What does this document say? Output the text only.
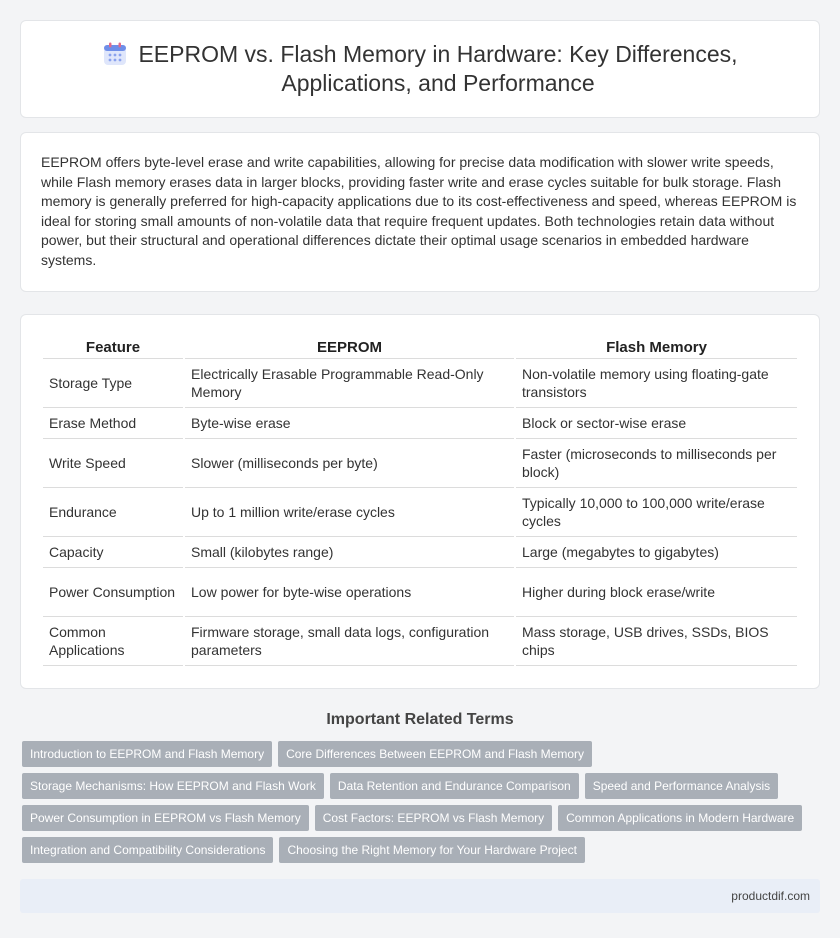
EEPROM vs. Flash Memory in Hardware: Key Differences,
Applications, and Performance

EEPROM offers byte-level erase and write capabilities, allowing for precise data modification with slower write speeds, while Flash memory erases data in larger blocks, providing faster write and erase cycles suitable for bulk storage. Flash memory is generally preferred for high-capacity applications due to its cost-effectiveness and speed, whereas EEPROM is ideal for storing small amounts of non-volatile data that require frequent updates. Both technologies retain data without power, but their structural and operational differences dictate their optimal usage scenarios in embedded hardware systems.

Feature	EEPROM	Flash Memory
Storage Type	Electrically Erasable Programmable Read-Only Memory	Non-volatile memory using floating-gate transistors
Erase Method	Byte-wise erase	Block or sector-wise erase
Write Speed	Slower (milliseconds per byte)	Faster (microseconds to milliseconds per block)
Endurance	Up to 1 million write/erase cycles	Typically 10,000 to 100,000 write/erase cycles
Capacity	Small (kilobytes range)	Large (megabytes to gigabytes)
Power Consumption	Low power for byte-wise operations	Higher during block erase/write
Common Applications	Firmware storage, small data logs, configuration parameters	Mass storage, USB drives, SSDs, BIOS chips
Important Related Terms
Introduction to EEPROM and Flash Memory	Core Differences Between EEPROM and Flash Memory
Storage Mechanisms: How EEPROM and Flash Work	Data Retention and Endurance Comparison	Speed and Performance Analysis
Power Consumption in EEPROM vs Flash Memory	Cost Factors: EEPROM vs Flash Memory	Common Applications in Modern Hardware
Integration and Compatibility Considerations	Choosing the Right Memory for Your Hardware Project
productdif.com
